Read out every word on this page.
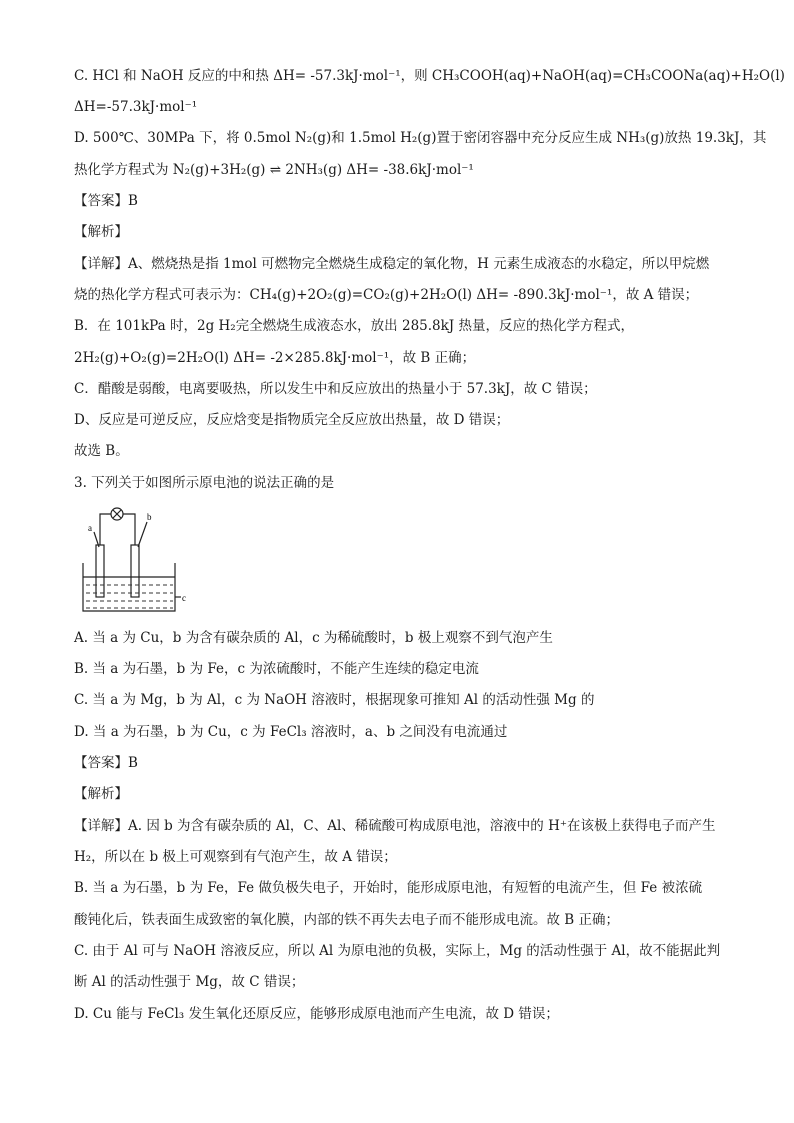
C. HCl 和 NaOH 反应的中和热 ΔH= -57.3kJ·mol⁻¹，则 CH₃COOH(aq)+NaOH(aq)=CH₃COONa(aq)+H₂O(l)
ΔH=-57.3kJ·mol⁻¹
D. 500℃、30MPa 下，将 0.5mol N₂(g)和 1.5mol H₂(g)置于密闭容器中充分反应生成 NH₃(g)放热 19.3kJ，其
热化学方程式为 N₂(g)+3H₂(g) ⇌ 2NH₃(g) ΔH= -38.6kJ·mol⁻¹
【答案】B
【解析】
【详解】A、燃烧热是指 1mol 可燃物完全燃烧生成稳定的氧化物，H 元素生成液态的水稳定，所以甲烷燃
烧的热化学方程式可表示为：CH₄(g)+2O₂(g)=CO₂(g)+2H₂O(l) ΔH= -890.3kJ·mol⁻¹，故 A 错误；
B．在 101kPa 时，2g H₂完全燃烧生成液态水，放出 285.8kJ 热量，反应的热化学方程式，
2H₂(g)+O₂(g)=2H₂O(l) ΔH= -2×285.8kJ·mol⁻¹，故 B 正确；
C．醋酸是弱酸，电离要吸热，所以发生中和反应放出的热量小于 57.3kJ，故 C 错误；
D、反应是可逆反应，反应焓变是指物质完全反应放出热量，故 D 错误；
故选 B。
3. 下列关于如图所示原电池的说法正确的是
a
b
c
A. 当 a 为 Cu，b 为含有碳杂质的 Al，c 为稀硫酸时，b 极上观察不到气泡产生
B. 当 a 为石墨，b 为 Fe，c 为浓硫酸时，不能产生连续的稳定电流
C. 当 a 为 Mg，b 为 Al，c 为 NaOH 溶液时，根据现象可推知 Al 的活动性强 Mg 的
D. 当 a 为石墨，b 为 Cu，c 为 FeCl₃ 溶液时，a、b 之间没有电流通过
【答案】B
【解析】
【详解】A. 因 b 为含有碳杂质的 Al，C、Al、稀硫酸可构成原电池，溶液中的 H⁺在该极上获得电子而产生
H₂，所以在 b 极上可观察到有气泡产生，故 A 错误；
B. 当 a 为石墨，b 为 Fe，Fe 做负极失电子，开始时，能形成原电池，有短暂的电流产生，但 Fe 被浓硫
酸钝化后，铁表面生成致密的氧化膜，内部的铁不再失去电子而不能形成电流。故 B 正确；
C. 由于 Al 可与 NaOH 溶液反应，所以 Al 为原电池的负极，实际上，Mg 的活动性强于 Al，故不能据此判
断 Al 的活动性强于 Mg，故 C 错误；
D. Cu 能与 FeCl₃ 发生氧化还原反应，能够形成原电池而产生电流，故 D 错误；
